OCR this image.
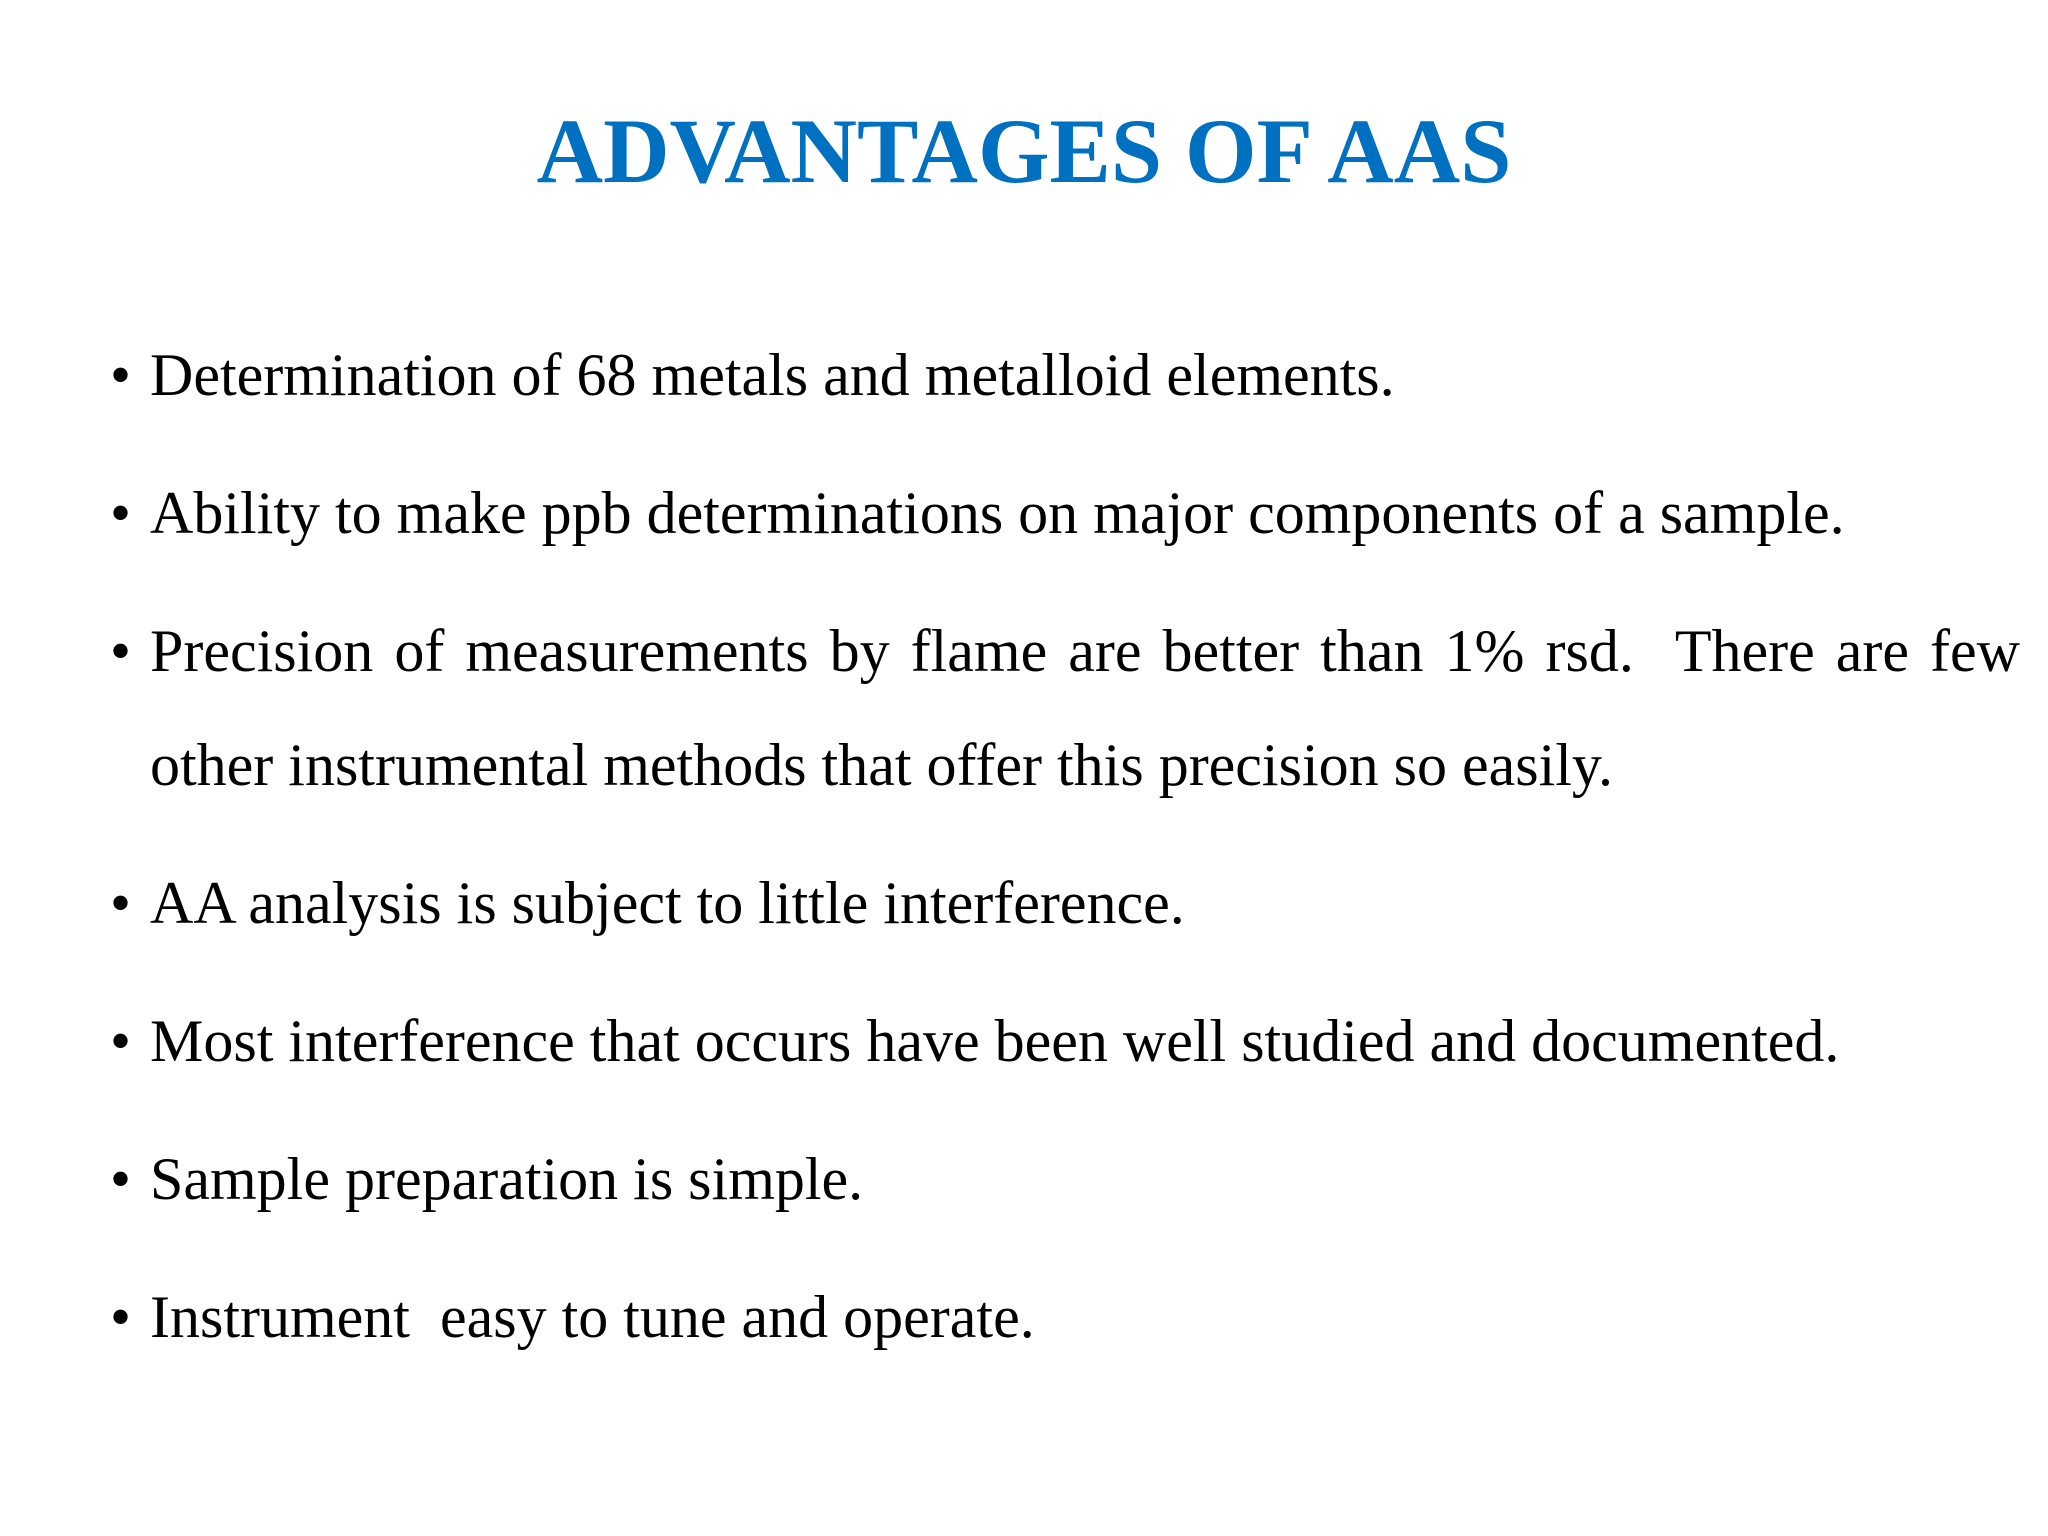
ADVANTAGES OF AAS
• Determination of 68 metals and metalloid elements.
• Ability to make ppb determinations on major components of a sample.
• Precision of measurements by flame are better than 1% rsd.  There are few other instrumental methods that offer this precision so easily.
• AA analysis is subject to little interference.
• Most interference that occurs have been well studied and documented.
• Sample preparation is simple.
• Instrument  easy to tune and operate.
